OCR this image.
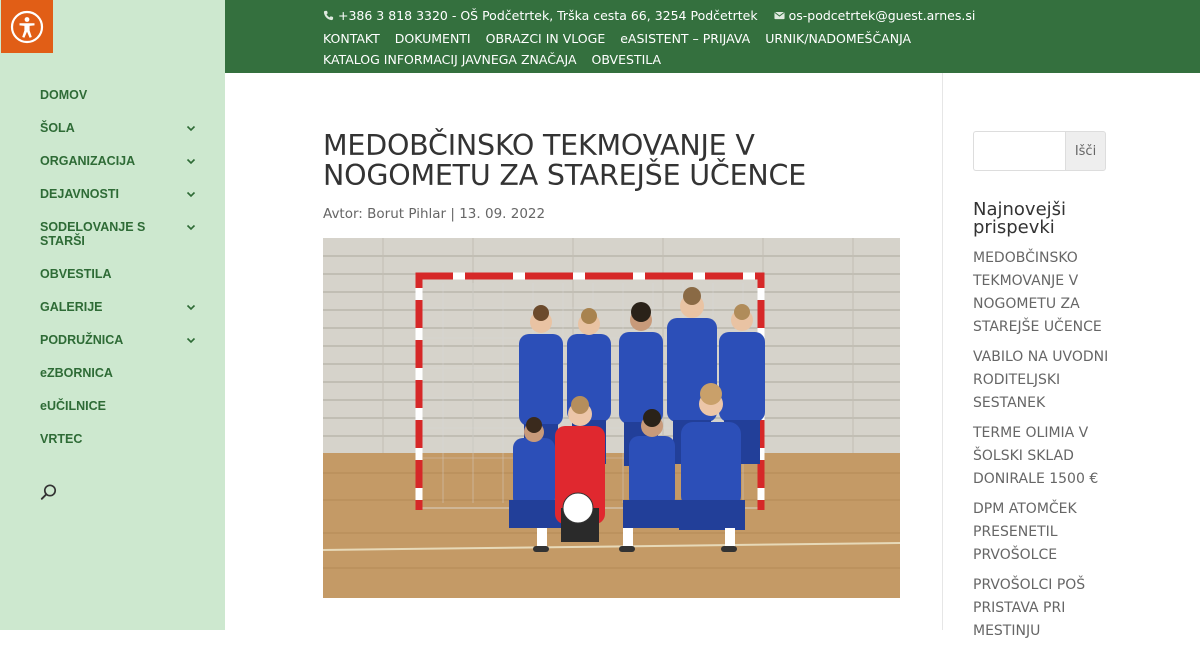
DOMOV
ŠOLA
ORGANIZACIJA
DEJAVNOSTI
SODELOVANJE S STARŠI
OBVESTILA
GALERIJE
PODRUŽNICA
eZBORNICA
eUČILNICE
VRTEC
+386 3 818 3320 - OŠ Podčetrtek, Trška cesta 66, 3254 Podčetrtek os-podcetrtek@guest.arnes.si
KONTAKT DOKUMENTI OBRAZCI IN VLOGE eASISTENT – PRIJAVA URNIK/NADOMEŠČANJA
KATALOG INFORMACIJ JAVNEGA ZNAČAJA OBVESTILA
MEDOBČINSKO TEKMOVANJE V NOGOMETU ZA STAREJŠE UČENCE
Avtor: Borut Pihlar | 13. 09. 2022
Išči
Najnovejši prispevki
MEDOBČINSKO TEKMOVANJE V NOGOMETU ZA STAREJŠE UČENCE
VABILO NA UVODNI RODITELJSKI SESTANEK
TERME OLIMIA V ŠOLSKI SKLAD DONIRALE 1500 €
DPM ATOMČEK PRESENETIL PRVOŠOLCE
PRVOŠOLCI POŠ PRISTAVA PRI MESTINJU
